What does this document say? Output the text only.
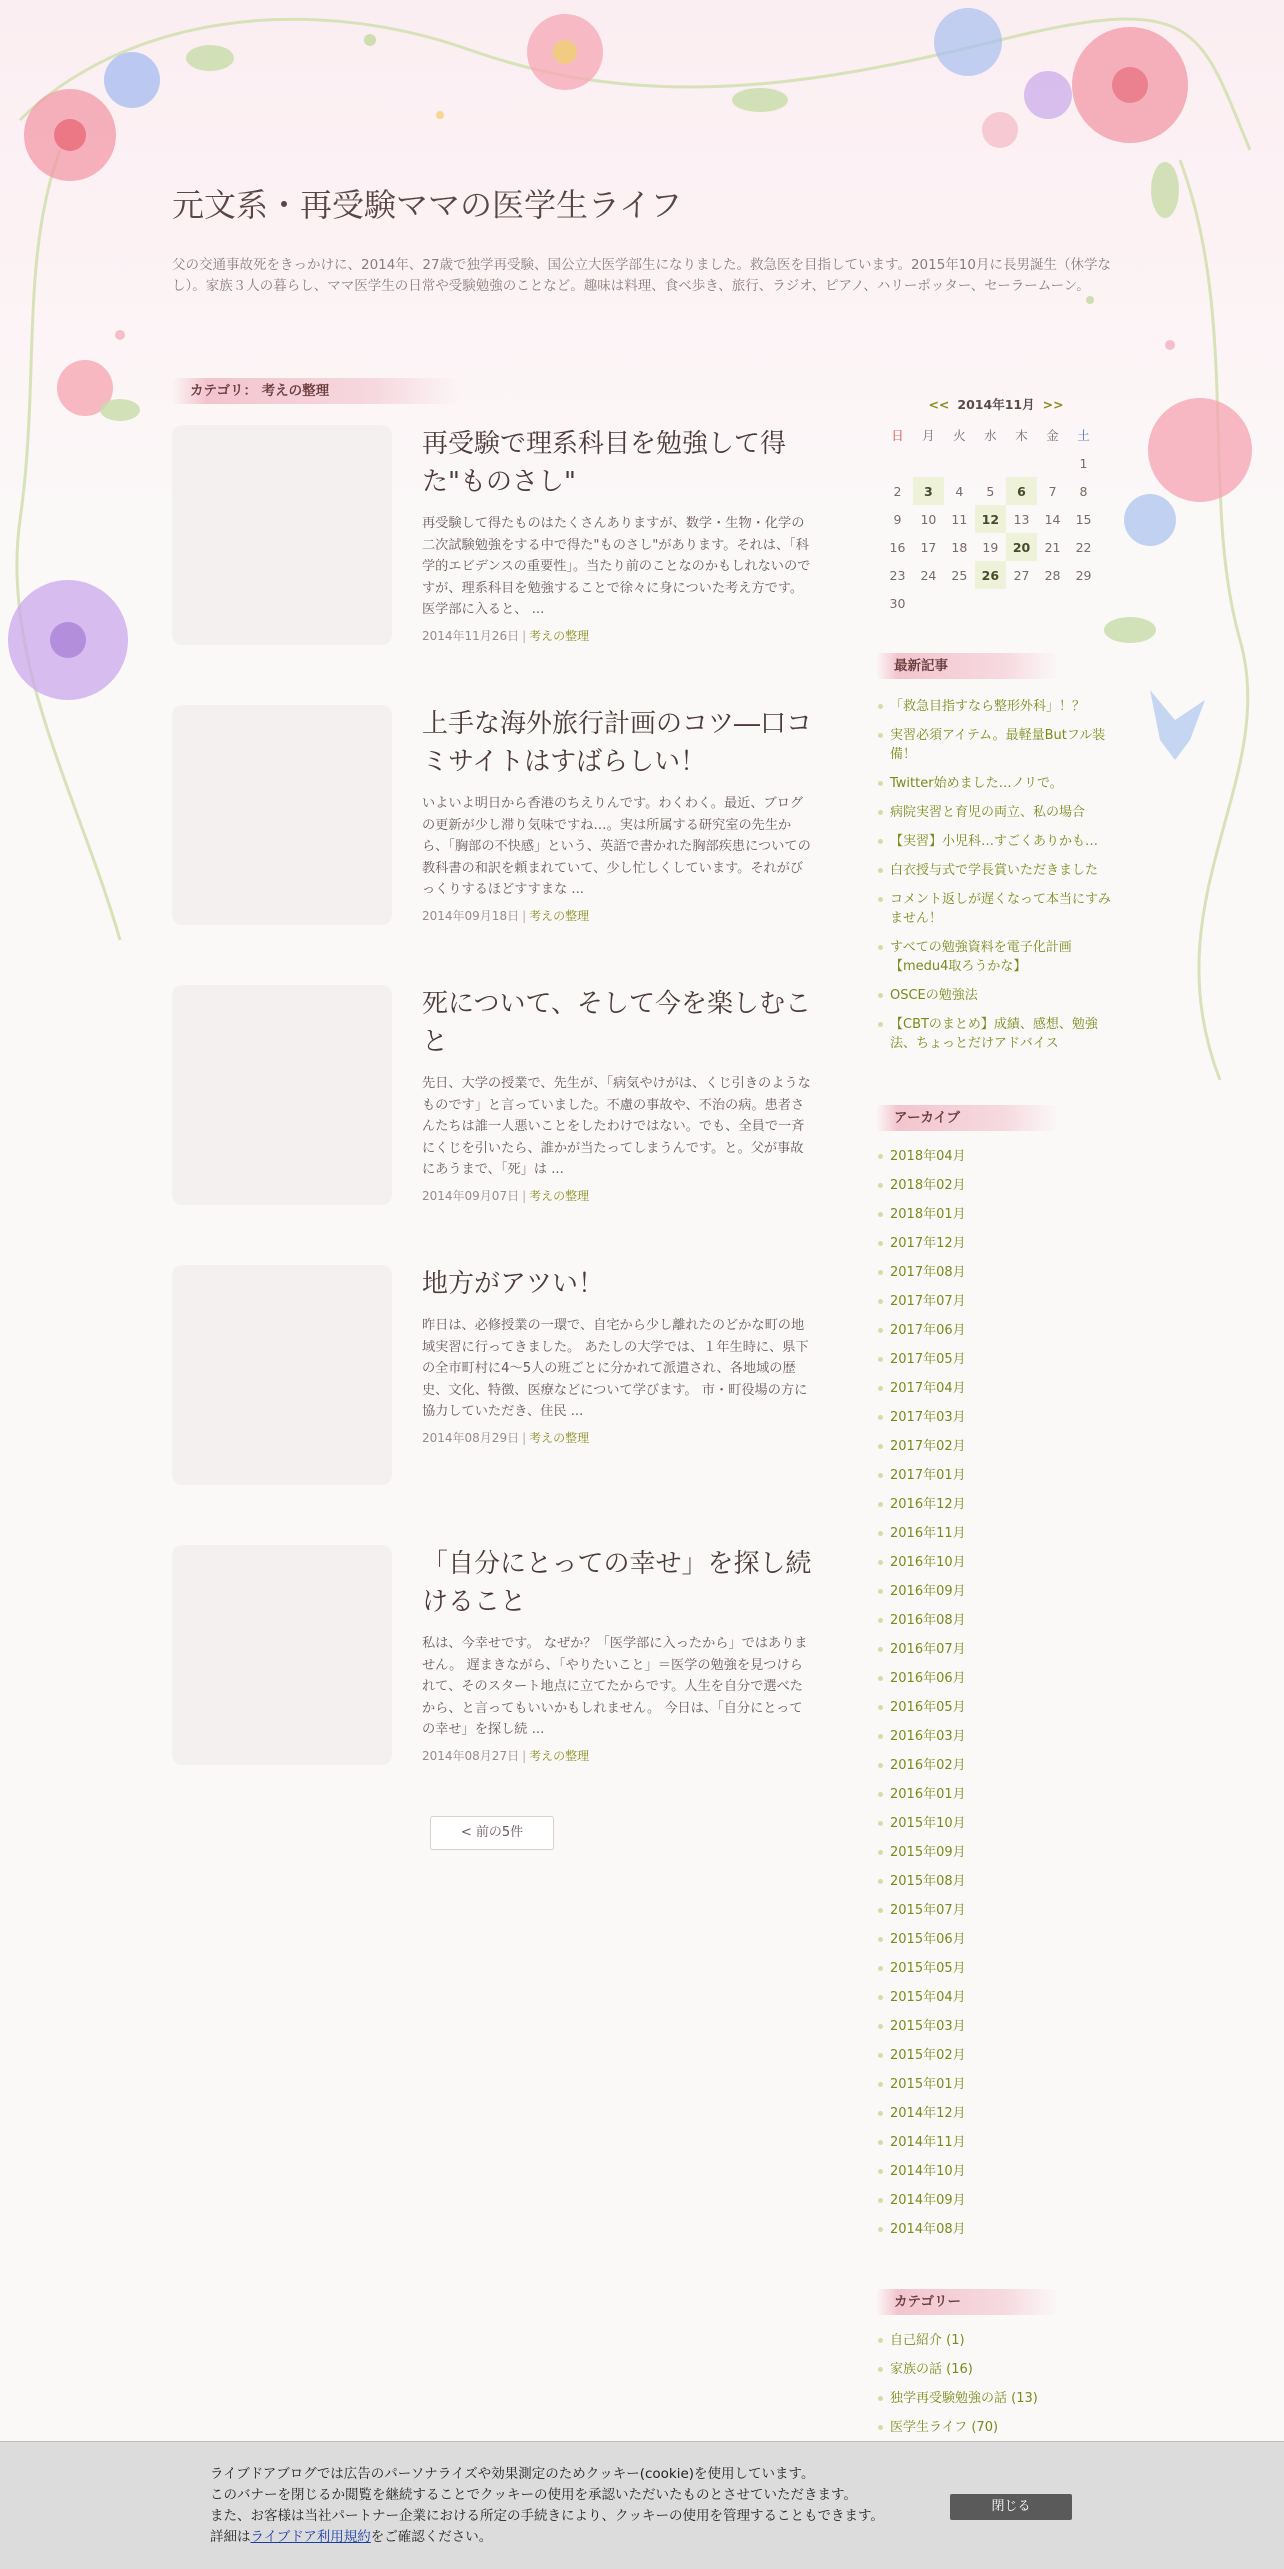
元文系・再受験ママの医学生ライフ

父の交通事故死をきっかけに、2014年、27歳で独学再受験、国公立大医学部生になりました。救急医を目指しています。2015年10月に長男誕生（休学なし）。家族３人の暮らし、ママ医学生の日常や受験勉強のことなど。趣味は料理、食べ歩き、旅行、ラジオ、ピアノ、ハリーポッター、セーラームーン。

カテゴリ： 考えの整理
再受験で理系科目を勉強して得た"ものさし"

再受験して得たものはたくさんありますが、数学・生物・化学の二次試験勉強をする中で得た"ものさし"があります。それは、「科学的エビデンスの重要性」。当たり前のことなのかもしれないのですが、理系科目を勉強することで徐々に身についた考え方です。医学部に入ると、 ...

2014年11月26日 | 考えの整理
上手な海外旅行計画のコツ―口コミサイトはすばらしい！

いよいよ明日から香港のちえりんです。わくわく。最近、ブログの更新が少し滞り気味ですね…。実は所属する研究室の先生から、「胸部の不快感」という、英語で書かれた胸部疾患についての教科書の和訳を頼まれていて、少し忙しくしています。それがびっくりするほどすすまな ...

2014年09月18日 | 考えの整理
死について、そして今を楽しむこと

先日、大学の授業で、先生が、「病気やけがは、くじ引きのようなものです」と言っていました。不慮の事故や、不治の病。患者さんたちは誰一人悪いことをしたわけではない。でも、全員で一斉にくじを引いたら、誰かが当たってしまうんです。と。父が事故にあうまで、「死」は ...

2014年09月07日 | 考えの整理
地方がアツい！

昨日は、必修授業の一環で、自宅から少し離れたのどかな町の地域実習に行ってきました。 あたしの大学では、１年生時に、県下の全市町村に4～5人の班ごとに分かれて派遣され、各地域の歴史、文化、特徴、医療などについて学びます。 市・町役場の方に協力していただき、住民 ...

2014年08月29日 | 考えの整理
「自分にとっての幸せ」を探し続けること

私は、今幸せです。 なぜか？「医学部に入ったから」ではありません。 遅まきながら、「やりたいこと」＝医学の勉強を見つけられて、そのスタート地点に立てたからです。人生を自分で選べたから、と言ってもいいかもしれません。 今日は、「自分にとっての幸せ」を探し続 ...

2014年08月27日 | 考えの整理
< 前の5件
<< 2014年11月 >>
日	月	火	水	木	金	土
						1
2	3	4	5	6	7	8
9	10	11	12	13	14	15
16	17	18	19	20	21	22
23	24	25	26	27	28	29
30						
最新記事
「救急目指すなら整形外科」！？
実習必須アイテム。最軽量Butフル装備！
Twitter始めました…ノリで。
病院実習と育児の両立、私の場合
【実習】小児科…すごくありかも…
白衣授与式で学長賞いただきました
コメント返しが遅くなって本当にすみません！
すべての勉強資料を電子化計画【medu4取ろうかな】
OSCEの勉強法
【CBTのまとめ】成績、感想、勉強法、ちょっとだけアドバイス
アーカイブ
2018年04月
2018年02月
2018年01月
2017年12月
2017年08月
2017年07月
2017年06月
2017年05月
2017年04月
2017年03月
2017年02月
2017年01月
2016年12月
2016年11月
2016年10月
2016年09月
2016年08月
2016年07月
2016年06月
2016年05月
2016年03月
2016年02月
2016年01月
2015年10月
2015年09月
2015年08月
2015年07月
2015年06月
2015年05月
2015年04月
2015年03月
2015年02月
2015年01月
2014年12月
2014年11月
2014年10月
2014年09月
2014年08月
カテゴリー
自己紹介 (1)
家族の話 (16)
独学再受験勉強の話 (13)
医学生ライフ (70)

ライブドアブログでは広告のパーソナライズや効果測定のためクッキー(cookie)を使用しています。
このバナーを閉じるか閲覧を継続することでクッキーの使用を承認いただいたものとさせていただきます。
また、お客様は当社パートナー企業における所定の手続きにより、クッキーの使用を管理することもできます。
詳細はライブドア利用規約をご確認ください。

閉じる
